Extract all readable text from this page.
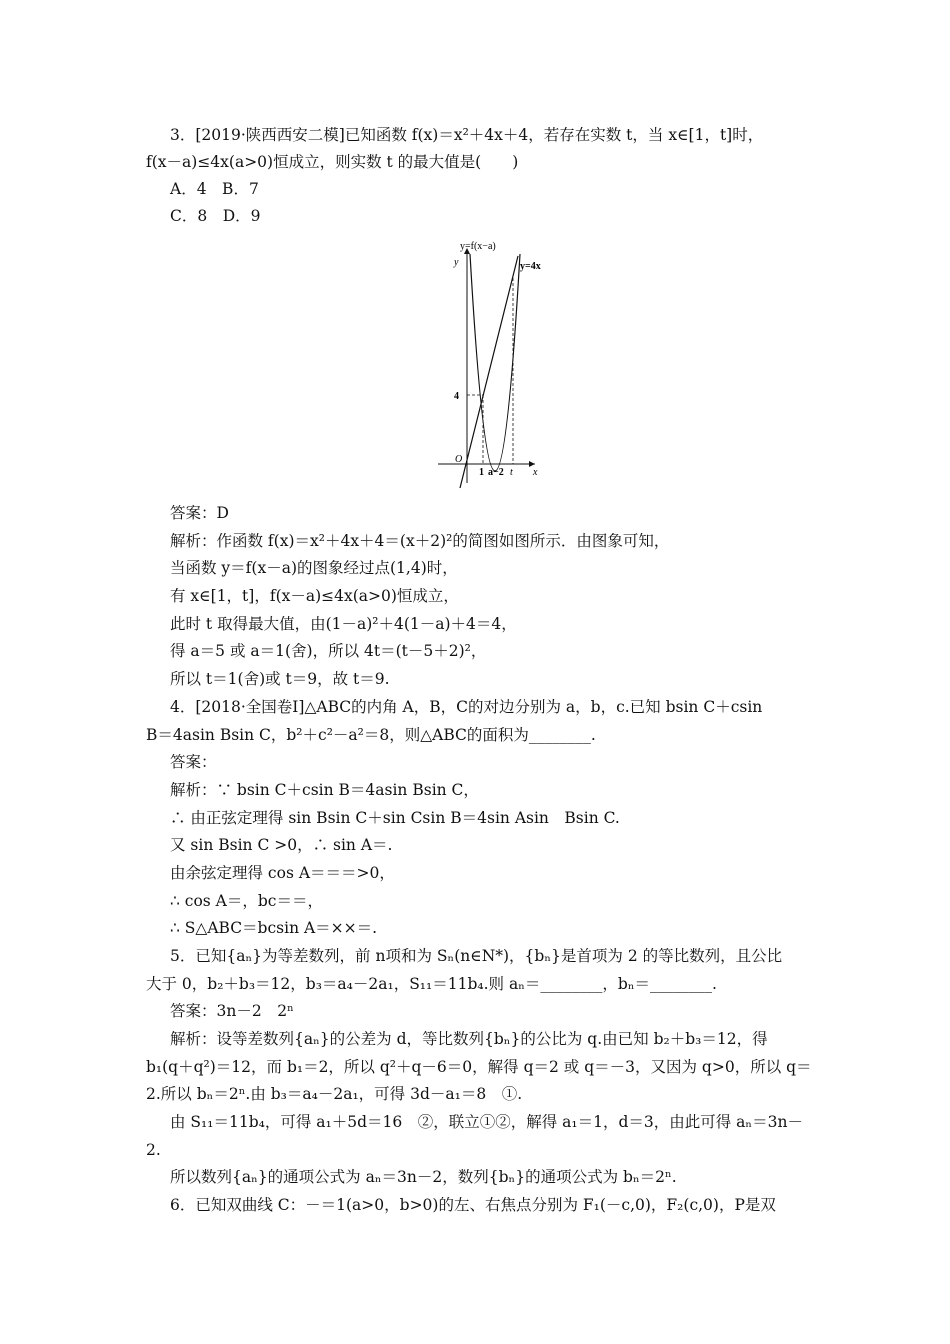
3．[2019·陕西西安二模]已知函数 f(x)＝x²＋4x＋4，若存在实数 t，当 x∈[1，t]时，
f(x－a)≤4x(a>0)恒成立，则实数 t 的最大值是(　　)
A．4　B．7
C．8　D．9
y=f(x−a)
y=4x
y
x
O
4
1 a−2 t
答案：D
解析：作函数 f(x)＝x²＋4x＋4＝(x＋2)²的简图如图所示．由图象可知，
当函数 y＝f(x－a)的图象经过点(1,4)时，
有 x∈[1，t]，f(x－a)≤4x(a>0)恒成立，
此时 t 取得最大值，由(1－a)²＋4(1－a)＋4＝4，
得 a＝5 或 a＝1(舍)，所以 4t＝(t－5＋2)²，
所以 t＝1(舍)或 t＝9，故 t＝9.
4．[2018·全国卷Ⅰ]△ABC的内角 A，B，C的对边分别为 a，b，c.已知 bsin C＋csin
B＝4asin Bsin C，b²＋c²－a²＝8，则△ABC的面积为________.
答案：
解析：∵ bsin C＋csin B＝4asin Bsin C，
∴ 由正弦定理得 sin Bsin C＋sin Csin B＝4sin Asin　Bsin C.
又 sin Bsin C >0，∴ sin A＝.
由余弦定理得 cos A＝＝＝>0，
∴ cos A＝，bc＝＝，
∴ S△ABC＝bcsin A＝××＝.
5．已知{aₙ}为等差数列，前 n项和为 Sₙ(n∈N*)，{bₙ}是首项为 2 的等比数列，且公比
大于 0，b₂＋b₃＝12，b₃＝a₄－2a₁，S₁₁＝11b₄.则 aₙ＝________，bₙ＝________.
答案：3n－2　2ⁿ
解析：设等差数列{aₙ}的公差为 d，等比数列{bₙ}的公比为 q.由已知 b₂＋b₃＝12，得
b₁(q＋q²)＝12，而 b₁＝2，所以 q²＋q－6＝0，解得 q＝2 或 q＝－3，又因为 q>0，所以 q＝
2.所以 bₙ＝2ⁿ.由 b₃＝a₄－2a₁，可得 3d－a₁＝8　①.
由 S₁₁＝11b₄，可得 a₁＋5d＝16　②，联立①②，解得 a₁＝1，d＝3，由此可得 aₙ＝3n－
2.
所以数列{aₙ}的通项公式为 aₙ＝3n－2，数列{bₙ}的通项公式为 bₙ＝2ⁿ.
6．已知双曲线 C：－＝1(a>0，b>0)的左、右焦点分别为 F₁(－c,0)，F₂(c,0)，P是双
